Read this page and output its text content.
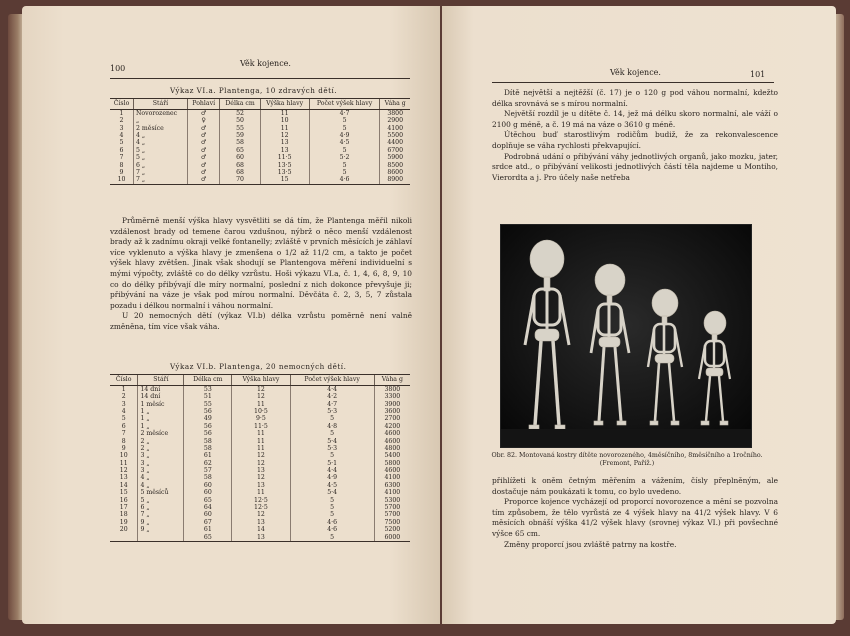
100
Věk kojence.
Výkaz VI.a. Plantenga, 10 zdravých dětí.
Číslo	Stáří	Pohlaví	Délka cm	Výška hlavy	Počet výšek hlavy	Váha g
1	Novorozenec	♂	52	11	4·7	3800
2	„	♀	50	10	5	2900
3	2 měsíce	♂	55	11	5	4100
4	4 „	♂	59	12	4·9	5500
5	4 „	♂	58	13	4·5	4400
6	5 „	♂	65	13	5	6700
7	5 „	♂	60	11·5	5·2	5900
8	6 „	♂	68	13·5	5	8500
9	7 „	♂	68	13·5	5	8600
10	7 „	♂	70	15	4·6	8900

Průměrně menší výška hlavy vysvětliti se dá tím, že Plantenga měřil nikoli vzdálenost brady od temene čarou vzdušnou, nýbrž o něco menší vzdálenost brady až k zadnímu okraji velké fontanelly; zvláště v prvních měsících je záhlaví více vyklenuto a výška hlavy je zmenšena o 1/2 až 11/2 cm, a takto je počet výšek hlavy zvětšen. Jinak však shodují se Plantengova měření individuelní s mými výpočty, zvláště co do délky vzrůstu. Hoši výkazu VI.a, č. 1, 4, 6, 8, 9, 10 co do délky přibývají dle míry normalní, poslední z nich dokonce převyšuje ji; přibývání na váze je však pod mírou normalní. Děvčáta č. 2, 3, 5, 7 zůstala pozadu i délkou normalní i váhou normalní.

U 20 nemocných dětí (výkaz VI.b) délka vzrůstu poměrně není valně změněna, tím více však váha.

Výkaz VI.b. Plantenga, 20 nemocných dětí.
Číslo	Stáří	Délka cm	Výška hlavy	Počet výšek hlavy	Váha g
1	14 dní	53	12	4·4	3800
2	14 dní	51	12	4·2	3300
3	1 měsíc	55	11	4·7	3900
4	1 „	56	10·5	5·3	3600
5	1 „	49	9·5	5	2700
6	1 „	56	11·5	4·8	4200
7	2 měsíce	56	11	5	4600
8	2 „	58	11	5·4	4600
9	2 „	58	11	5·3	4800
10	3 „	61	12	5	5400
11	3 „	62	12	5·1	5800
12	3 „	57	13	4·4	4600
13	4 „	58	12	4·9	4100
14	4 „	60	13	4·5	6300
15	5 měsíců	60	11	5·4	4100
16	5 „	65	12·5	5	5300
17	6 „	64	12·5	5	5700
18	7 „	60	12	5	5700
19	9 „	67	13	4·6	7500
20	9 „	61	14	4·6	5200
		65	13	5	6000
Věk kojence.	101

Dítě největší a nejtěžší (č. 17) je o 120 g pod váhou normalní, kdežto délka srovnává se s mírou normalní.

Největší rozdíl je u dítěte č. 14, jež má délku skoro normalní, ale váží o 2100 g méně, a č. 19 má na váze o 3610 g méně.

Útěchou buď starostlivým rodičům budiž, že za rekonvalescence doplňuje se váha rychlosti překvapující.

Podrobná udání o přibývání váhy jednotlivých organů, jako mozku, jater, srdce atd., o přibývání velikosti jednotlivých částí těla najdeme u Montiho, Vierordta a j. Pro účely naše netřeba

Obr. 82. Montovaná kostry dítěte novorozeného, 4měsíčního, 8měsíčního a 1ročního. (Fremont, Paříž.)

přihlížeti k oněm četným měřením a vážením, čísly přeplněným, ale dostačuje nám poukázati k tomu, co bylo uvedeno.

Proporce kojence vycházejí od proporcí novorozence a mění se pozvolna tím způsobem, že tělo vyrůstá ze 4 výšek hlavy na 41/2 výšek hlavy. V 6 měsících obnáší výška 41/2 výšek hlavy (srovnej výkaz VI.) při povšechné výšce 65 cm.

Změny proporcí jsou zvláště patrny na kostře.
